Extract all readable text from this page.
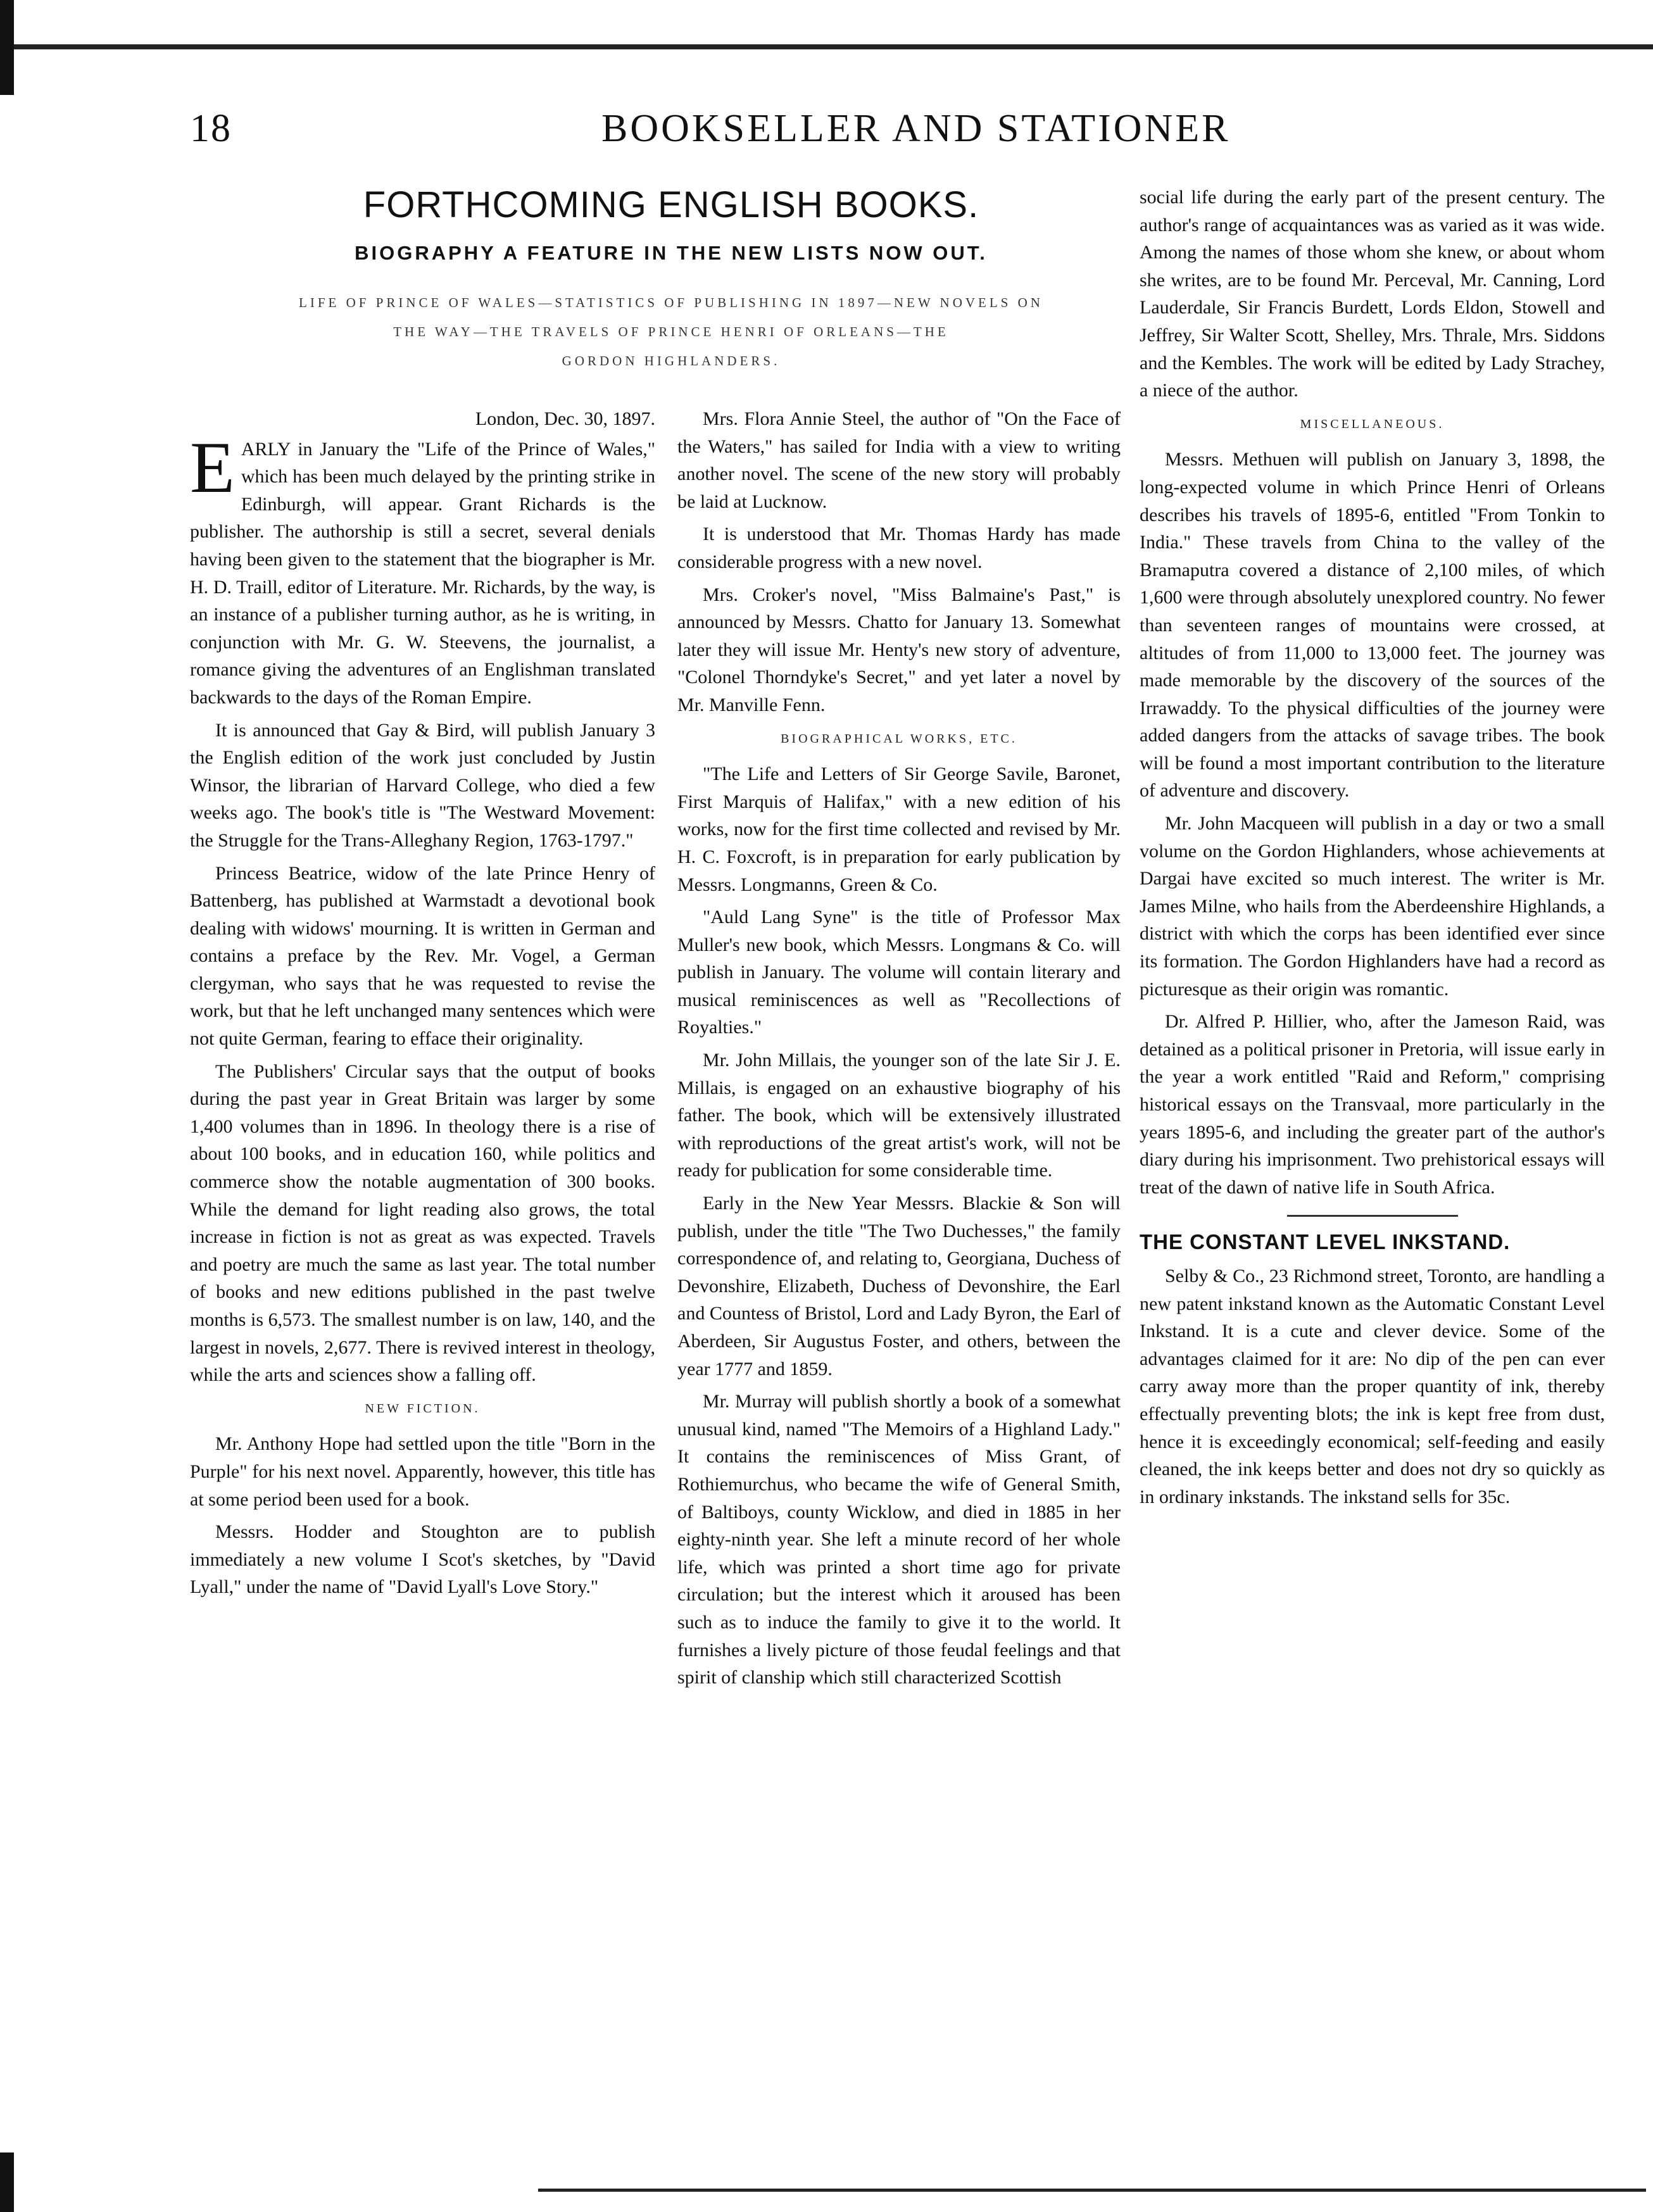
18	BOOKSELLER AND STATIONER
FORTHCOMING ENGLISH BOOKS.
BIOGRAPHY A FEATURE IN THE NEW LISTS NOW OUT.
LIFE OF PRINCE OF WALES—STATISTICS OF PUBLISHING IN 1897—NEW NOVELS ON
THE WAY—THE TRAVELS OF PRINCE HENRI OF ORLEANS—THE
GORDON HIGHLANDERS.
London, Dec. 30, 1897.

EARLY in January the "Life of the Prince of Wales," which has been much delayed by the printing strike in Edinburgh, will appear. Grant Richards is the publisher. The authorship is still a secret, several denials having been given to the statement that the biographer is Mr. H. D. Traill, editor of Literature. Mr. Richards, by the way, is an instance of a publisher turning author, as he is writing, in conjunction with Mr. G. W. Steevens, the journalist, a romance giving the adventures of an Englishman translated backwards to the days of the Roman Empire.

It is announced that Gay & Bird, will publish January 3 the English edition of the work just concluded by Justin Winsor, the librarian of Harvard College, who died a few weeks ago. The book's title is "The Westward Movement: the Struggle for the Trans-Alleghany Region, 1763-1797."

Princess Beatrice, widow of the late Prince Henry of Battenberg, has published at Warmstadt a devotional book dealing with widows' mourning. It is written in German and contains a preface by the Rev. Mr. Vogel, a German clergyman, who says that he was requested to revise the work, but that he left unchanged many sentences which were not quite German, fearing to efface their originality.

The Publishers' Circular says that the output of books during the past year in Great Britain was larger by some 1,400 volumes than in 1896. In theology there is a rise of about 100 books, and in education 160, while politics and commerce show the notable augmentation of 300 books. While the demand for light reading also grows, the total increase in fiction is not as great as was expected. Travels and poetry are much the same as last year. The total number of books and new editions published in the past twelve months is 6,573. The smallest number is on law, 140, and the largest in novels, 2,677. There is revived interest in theology, while the arts and sciences show a falling off.

NEW FICTION.

Mr. Anthony Hope had settled upon the title "Born in the Purple" for his next novel. Apparently, however, this title has at some period been used for a book.

Messrs. Hodder and Stoughton are to publish immediately a new volume I Scot's sketches, by "David Lyall," under the name of "David Lyall's Love Story."

Mrs. Flora Annie Steel, the author of "On the Face of the Waters," has sailed for India with a view to writing another novel. The scene of the new story will probably be laid at Lucknow.

It is understood that Mr. Thomas Hardy has made considerable progress with a new novel.

Mrs. Croker's novel, "Miss Balmaine's Past," is announced by Messrs. Chatto for January 13. Somewhat later they will issue Mr. Henty's new story of adventure, "Colonel Thorndyke's Secret," and yet later a novel by Mr. Manville Fenn.

BIOGRAPHICAL WORKS, ETC.

"The Life and Letters of Sir George Savile, Baronet, First Marquis of Halifax," with a new edition of his works, now for the first time collected and revised by Mr. H. C. Foxcroft, is in preparation for early publication by Messrs. Longmanns, Green & Co.

"Auld Lang Syne" is the title of Professor Max Muller's new book, which Messrs. Longmans & Co. will publish in January. The volume will contain literary and musical reminiscences as well as "Recollections of Royalties."

Mr. John Millais, the younger son of the late Sir J. E. Millais, is engaged on an exhaustive biography of his father. The book, which will be extensively illustrated with reproductions of the great artist's work, will not be ready for publication for some considerable time.

Early in the New Year Messrs. Blackie & Son will publish, under the title "The Two Duchesses," the family correspondence of, and relating to, Georgiana, Duchess of Devonshire, Elizabeth, Duchess of Devonshire, the Earl and Countess of Bristol, Lord and Lady Byron, the Earl of Aberdeen, Sir Augustus Foster, and others, between the year 1777 and 1859.

Mr. Murray will publish shortly a book of a somewhat unusual kind, named "The Memoirs of a Highland Lady." It contains the reminiscences of Miss Grant, of Rothiemurchus, who became the wife of General Smith, of Baltiboys, county Wicklow, and died in 1885 in her eighty-ninth year. She left a minute record of her whole life, which was printed a short time ago for private circulation; but the interest which it aroused has been such as to induce the family to give it to the world. It furnishes a lively picture of those feudal feelings and that spirit of clanship which still characterized Scottish

social life during the early part of the present century. The author's range of acquaintances was as varied as it was wide. Among the names of those whom she knew, or about whom she writes, are to be found Mr. Perceval, Mr. Canning, Lord Lauderdale, Sir Francis Burdett, Lords Eldon, Stowell and Jeffrey, Sir Walter Scott, Shelley, Mrs. Thrale, Mrs. Siddons and the Kembles. The work will be edited by Lady Strachey, a niece of the author.

MISCELLANEOUS.

Messrs. Methuen will publish on January 3, 1898, the long-expected volume in which Prince Henri of Orleans describes his travels of 1895-6, entitled "From Tonkin to India." These travels from China to the valley of the Bramaputra covered a distance of 2,100 miles, of which 1,600 were through absolutely unexplored country. No fewer than seventeen ranges of mountains were crossed, at altitudes of from 11,000 to 13,000 feet. The journey was made memorable by the discovery of the sources of the Irrawaddy. To the physical difficulties of the journey were added dangers from the attacks of savage tribes. The book will be found a most important contribution to the literature of adventure and discovery.

Mr. John Macqueen will publish in a day or two a small volume on the Gordon Highlanders, whose achievements at Dargai have excited so much interest. The writer is Mr. James Milne, who hails from the Aberdeenshire Highlands, a district with which the corps has been identified ever since its formation. The Gordon Highlanders have had a record as picturesque as their origin was romantic.

Dr. Alfred P. Hillier, who, after the Jameson Raid, was detained as a political prisoner in Pretoria, will issue early in the year a work entitled "Raid and Reform," comprising historical essays on the Transvaal, more particularly in the years 1895-6, and including the greater part of the author's diary during his imprisonment. Two prehistorical essays will treat of the dawn of native life in South Africa.

THE CONSTANT LEVEL INKSTAND.

Selby & Co., 23 Richmond street, Toronto, are handling a new patent inkstand known as the Automatic Constant Level Inkstand. It is a cute and clever device. Some of the advantages claimed for it are: No dip of the pen can ever carry away more than the proper quantity of ink, thereby effectually preventing blots; the ink is kept free from dust, hence it is exceedingly economical; self-feeding and easily cleaned, the ink keeps better and does not dry so quickly as in ordinary inkstands. The inkstand sells for 35c.
